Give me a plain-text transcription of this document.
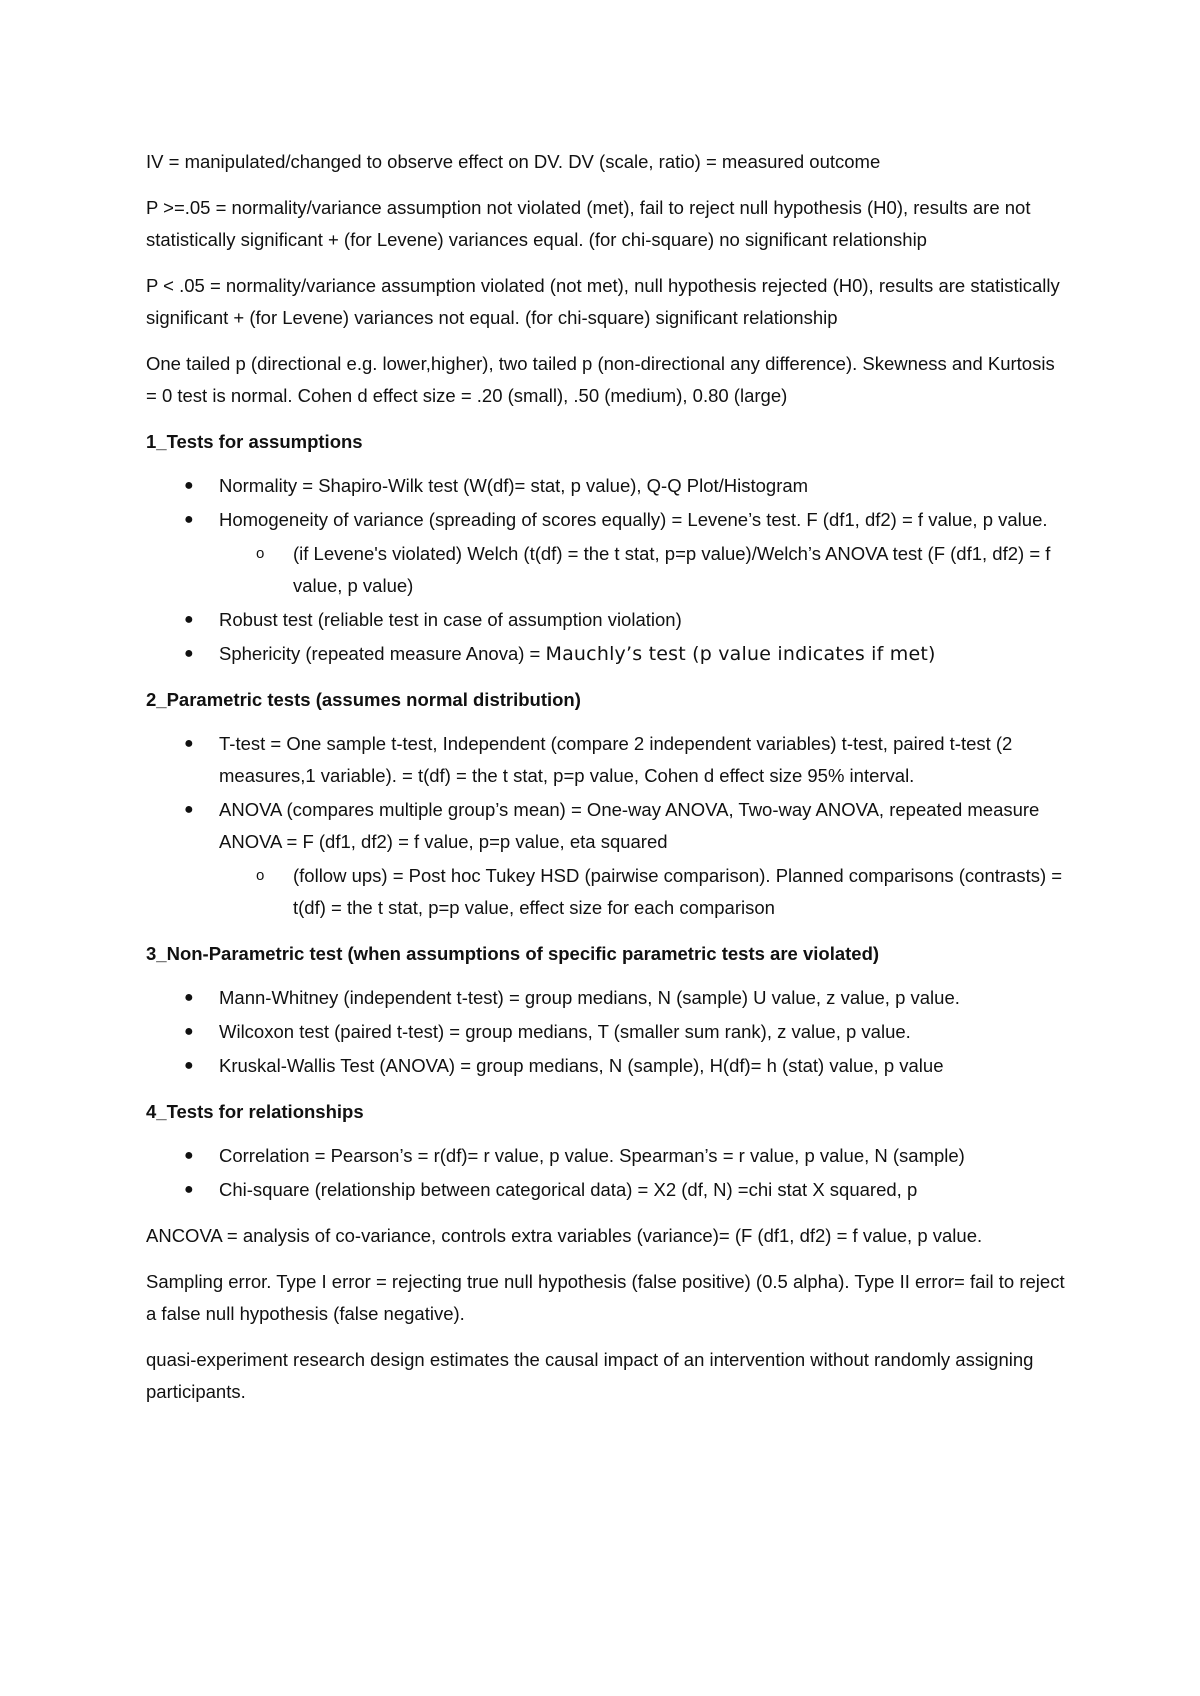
IV = manipulated/changed to observe effect on DV. DV (scale, ratio) = measured outcome

P >=.05 = normality/variance assumption not violated (met), fail to reject null hypothesis (H0), results are not statistically significant + (for Levene) variances equal. (for chi-square) no significant relationship

P < .05 = normality/variance assumption violated (not met), null hypothesis rejected (H0), results are statistically significant + (for Levene) variances not equal. (for chi-square) significant relationship

One tailed p (directional e.g. lower,higher), two tailed p (non-directional any difference). Skewness and Kurtosis = 0 test is normal. Cohen d effect size = .20 (small), .50 (medium), 0.80 (large)

1_Tests for assumptions
● Normality = Shapiro-Wilk test (W(df)= stat, p value), Q-Q Plot/Histogram
● Homogeneity of variance (spreading of scores equally) = Levene’s test. F (df1, df2) = f value, p value.
o (if Levene's violated) Welch (t(df) = the t stat, p=p value)/Welch’s ANOVA test (F (df1, df2) = f value, p value)
● Robust test (reliable test in case of assumption violation)
● Sphericity (repeated measure Anova) = Mauchly’s test (p value indicates if met)
2_Parametric tests (assumes normal distribution)
● T-test = One sample t-test, Independent (compare 2 independent variables) t-test, paired t-test (2 measures,1 variable). = t(df) = the t stat, p=p value, Cohen d effect size 95% interval.
● ANOVA (compares multiple group’s mean) = One-way ANOVA, Two-way ANOVA, repeated measure ANOVA = F (df1, df2) = f value, p=p value, eta squared
o (follow ups) = Post hoc Tukey HSD (pairwise comparison). Planned comparisons (contrasts) = t(df) = the t stat, p=p value, effect size for each comparison
3_Non-Parametric test (when assumptions of specific parametric tests are violated)
● Mann-Whitney (independent t-test) = group medians, N (sample) U value, z value, p value.
● Wilcoxon test (paired t-test) = group medians, T (smaller sum rank), z value, p value.
● Kruskal-Wallis Test (ANOVA) = group medians, N (sample), H(df)= h (stat) value, p value
4_Tests for relationships
● Correlation = Pearson’s = r(df)= r value, p value. Spearman’s = r value, p value, N (sample)
● Chi-square (relationship between categorical data) = X2 (df, N) =chi stat X squared, p

ANCOVA = analysis of co-variance, controls extra variables (variance)= (F (df1, df2) = f value, p value.

Sampling error. Type I error = rejecting true null hypothesis (false positive) (0.5 alpha). Type II error= fail to reject a false null hypothesis (false negative).

quasi-experiment research design estimates the causal impact of an intervention without randomly assigning participants.
